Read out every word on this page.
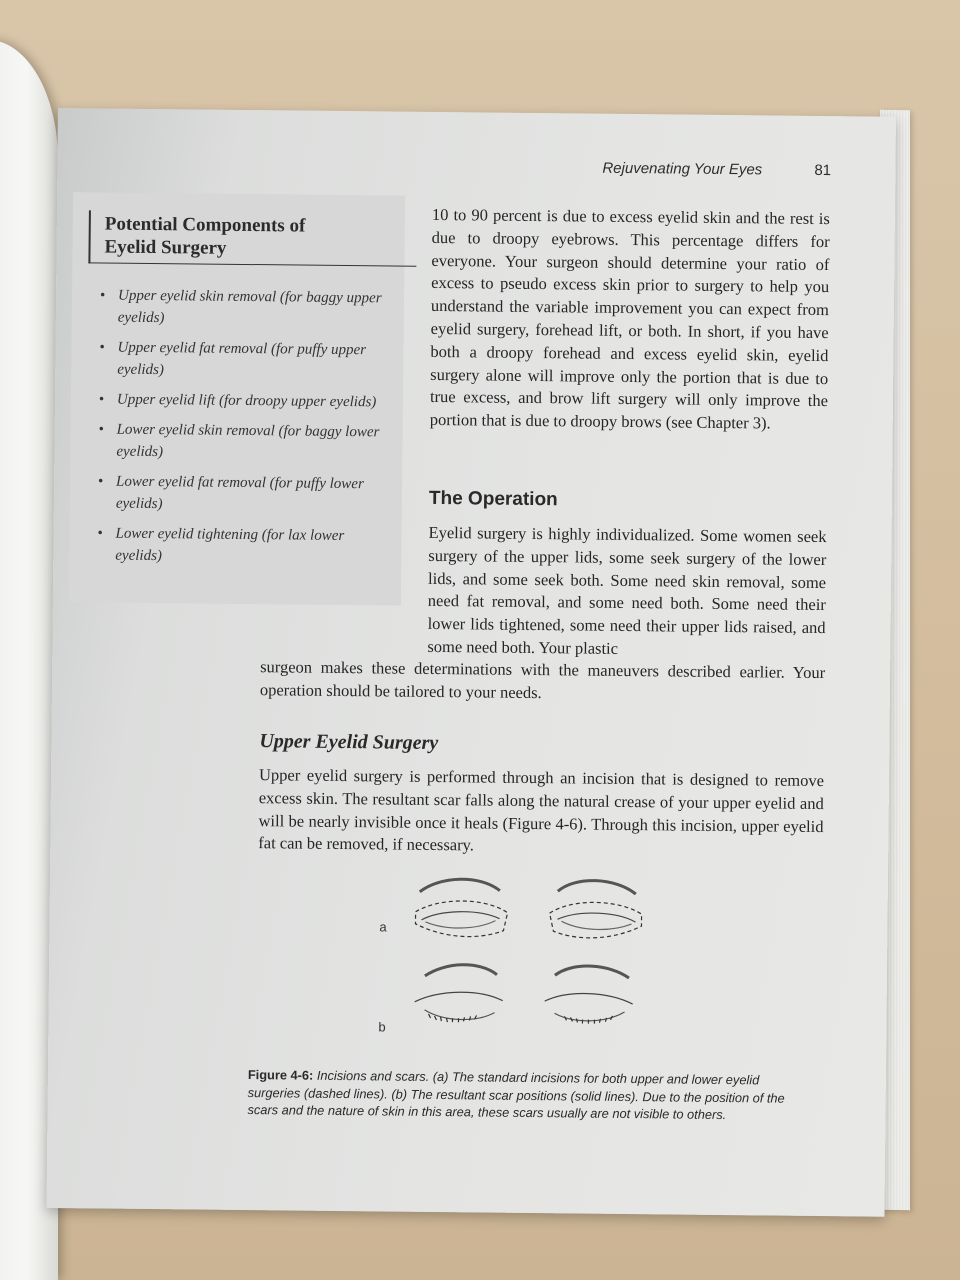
Rejuvenating Your Eyes	81
Potential Components of
Eyelid Surgery
• Upper eyelid skin removal (for baggy upper eyelids)
• Upper eyelid fat removal (for puffy upper eyelids)
• Upper eyelid lift (for droopy upper eyelids)
• Lower eyelid skin removal (for baggy lower eyelids)
• Lower eyelid fat removal (for puffy lower eyelids)
• Lower eyelid tightening (for lax lower eyelids)
10 to 90 percent is due to excess eyelid skin and the rest is due to droopy eyebrows. This percentage differs for everyone. Your surgeon should determine your ratio of excess to pseudo excess skin prior to surgery to help you understand the variable improvement you can expect from eyelid surgery, forehead lift, or both. In short, if you have both a droopy forehead and excess eyelid skin, eyelid surgery alone will improve only the portion that is due to true excess, and brow lift surgery will only improve the portion that is due to droopy brows (see Chapter 3).
The Operation
Eyelid surgery is highly individualized. Some women seek surgery of the upper lids, some seek surgery of the lower lids, and some seek both. Some need skin removal, some need fat removal, and some need both. Some need their lower lids tightened, some need their upper lids raised, and some need both. Your plastic
surgeon makes these determinations with the maneuvers described earlier. Your operation should be tailored to your needs.
Upper Eyelid Surgery
Upper eyelid surgery is performed through an incision that is designed to remove excess skin. The resultant scar falls along the natural crease of your upper eyelid and will be nearly invisible once it heals (Figure 4-6). Through this incision, upper eyelid fat can be removed, if necessary.
a
b
Figure 4-6: Incisions and scars. (a) The standard incisions for both upper and lower eyelid surgeries (dashed lines). (b) The resultant scar positions (solid lines). Due to the position of the scars and the nature of skin in this area, these scars usually are not visible to others.
